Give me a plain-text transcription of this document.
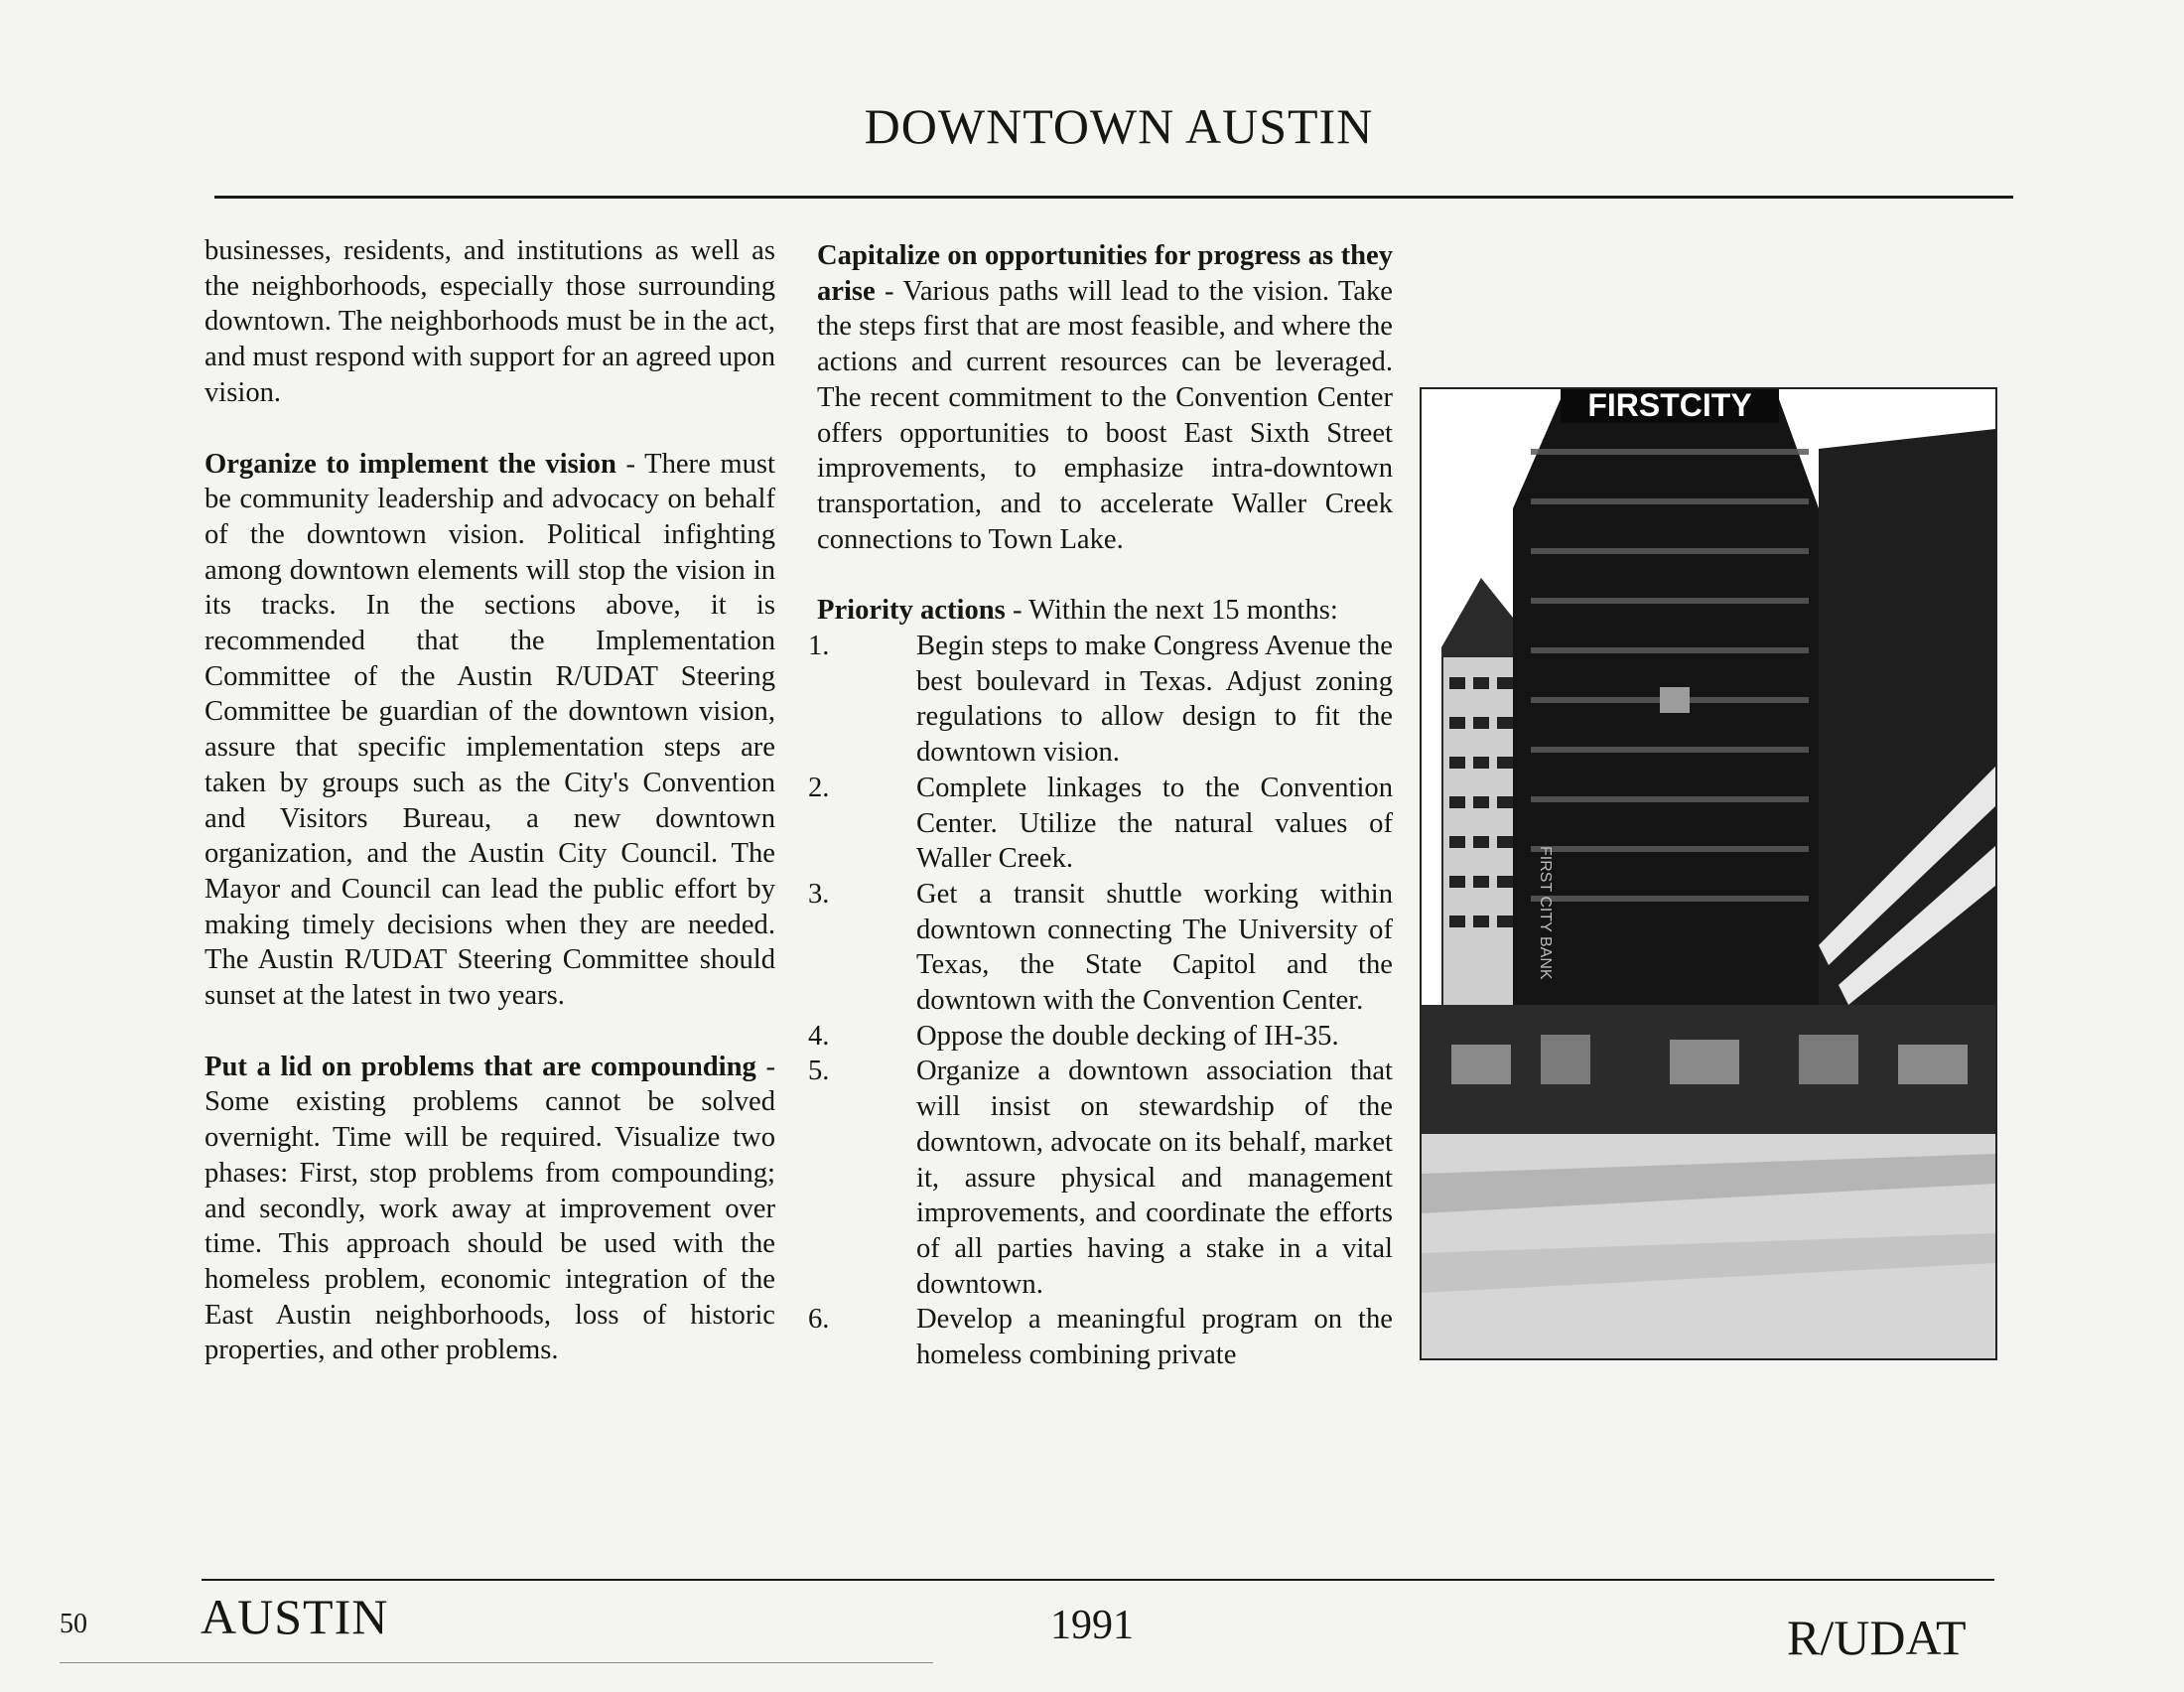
DOWNTOWN AUSTIN

businesses, residents, and institutions as well as the neighborhoods, especially those surrounding downtown. The neighborhoods must be in the act, and must respond with support for an agreed upon vision.

Organize to implement the vision - There must be community leadership and advocacy on behalf of the downtown vision. Political infighting among downtown elements will stop the vision in its tracks. In the sections above, it is recommended that the Implementation Committee of the Austin R/UDAT Steering Committee be guardian of the downtown vision, assure that specific implementation steps are taken by groups such as the City's Convention and Visitors Bureau, a new downtown organization, and the Austin City Council. The Mayor and Council can lead the public effort by making timely decisions when they are needed. The Austin R/UDAT Steering Committee should sunset at the latest in two years.

Put a lid on problems that are compounding - Some existing problems cannot be solved overnight. Time will be required. Visualize two phases: First, stop problems from compounding; and secondly, work away at improvement over time. This approach should be used with the homeless problem, economic integration of the East Austin neighborhoods, loss of historic properties, and other problems.

Capitalize on opportunities for progress as they arise - Various paths will lead to the vision. Take the steps first that are most feasible, and where the actions and current resources can be leveraged. The recent commitment to the Convention Center offers opportunities to boost East Sixth Street improvements, to emphasize intra-downtown transportation, and to accelerate Waller Creek connections to Town Lake.

Priority actions - Within the next 15 months:

1.	Begin steps to make Congress Avenue the best boulevard in Texas. Adjust zoning regulations to allow design to fit the downtown vision.
2.	Complete linkages to the Convention Center. Utilize the natural values of Waller Creek.
3.	Get a transit shuttle working within downtown connecting The University of Texas, the State Capitol and the downtown with the Convention Center.
4.	Oppose the double decking of IH-35.
5.	Organize a downtown association that will insist on stewardship of the downtown, advocate on its behalf, market it, assure physical and management improvements, and coordinate the efforts of all parties having a stake in a vital downtown.
6.	Develop a meaningful program on the homeless combining private
FIRSTCITY
FIRST CITY BANK
50 AUSTIN	1991	R/UDAT
